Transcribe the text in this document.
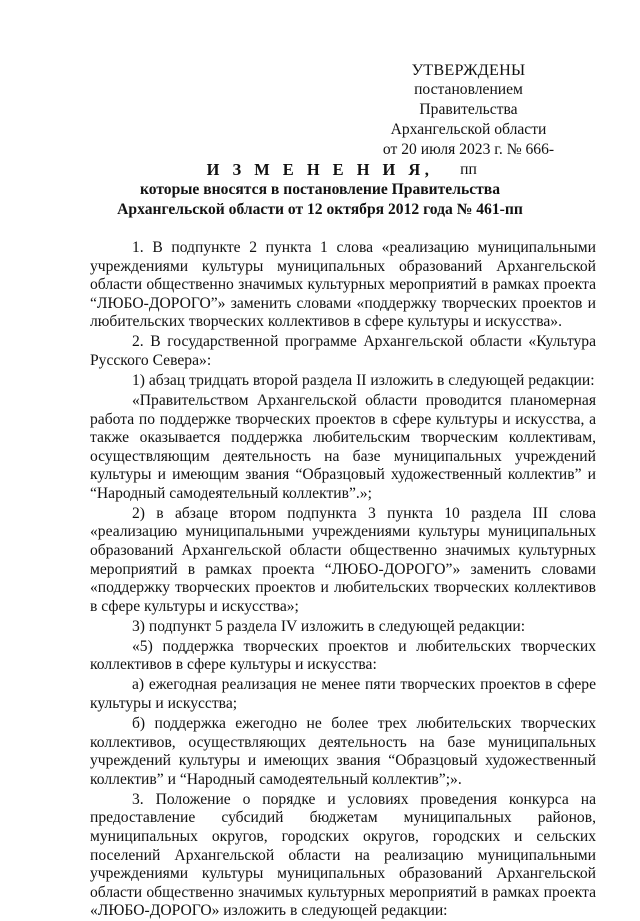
УТВЕРЖДЕНЫ
постановлением Правительства
Архангельской области
от 20 июля 2023 г. № 666-пп
И З М Е Н Е Н И Я,
которые вносятся в постановление Правительства
Архангельской области от 12 октября 2012 года № 461-пп

1. В подпункте 2 пункта 1 слова «реализацию муниципальными учреждениями культуры муниципальных образований Архангельской области общественно значимых культурных мероприятий в рамках проекта “ЛЮБО-ДОРОГО”» заменить словами «поддержку творческих проектов и любительских творческих коллективов в сфере культуры и искусства».

2. В государственной программе Архангельской области «Культура Русского Севера»:

1) абзац тридцать второй раздела II изложить в следующей редакции:

«Правительством Архангельской области проводится планомерная работа по поддержке творческих проектов в сфере культуры и искусства, а также оказывается поддержка любительским творческим коллективам, осуществляющим деятельность на базе муниципальных учреждений культуры и имеющим звания “Образцовый художественный коллектив” и “Народный самодеятельный коллектив”.»;

2) в абзаце втором подпункта 3 пункта 10 раздела III слова «реализацию муниципальными учреждениями культуры муниципальных образований Архангельской области общественно значимых культурных мероприятий в рамках проекта “ЛЮБО-ДОРОГО”» заменить словами «поддержку творческих проектов и любительских творческих коллективов в сфере культуры и искусства»;

3) подпункт 5 раздела IV изложить в следующей редакции:

«5) поддержка творческих проектов и любительских творческих коллективов в сфере культуры и искусства:

а) ежегодная реализация не менее пяти творческих проектов в сфере культуры и искусства;

б) поддержка ежегодно не более трех любительских творческих коллективов, осуществляющих деятельность на базе муниципальных учреждений культуры и имеющих звания “Образцовый художественный коллектив” и “Народный самодеятельный коллектив”;».

3. Положение о порядке и условиях проведения конкурса на предоставление субсидий бюджетам муниципальных районов, муниципальных округов, городских округов, городских и сельских поселений Архангельской области на реализацию муниципальными учреждениями культуры муниципальных образований Архангельской области общественно значимых культурных мероприятий в рамках проекта «ЛЮБО-ДОРОГО» изложить в следующей редакции:
